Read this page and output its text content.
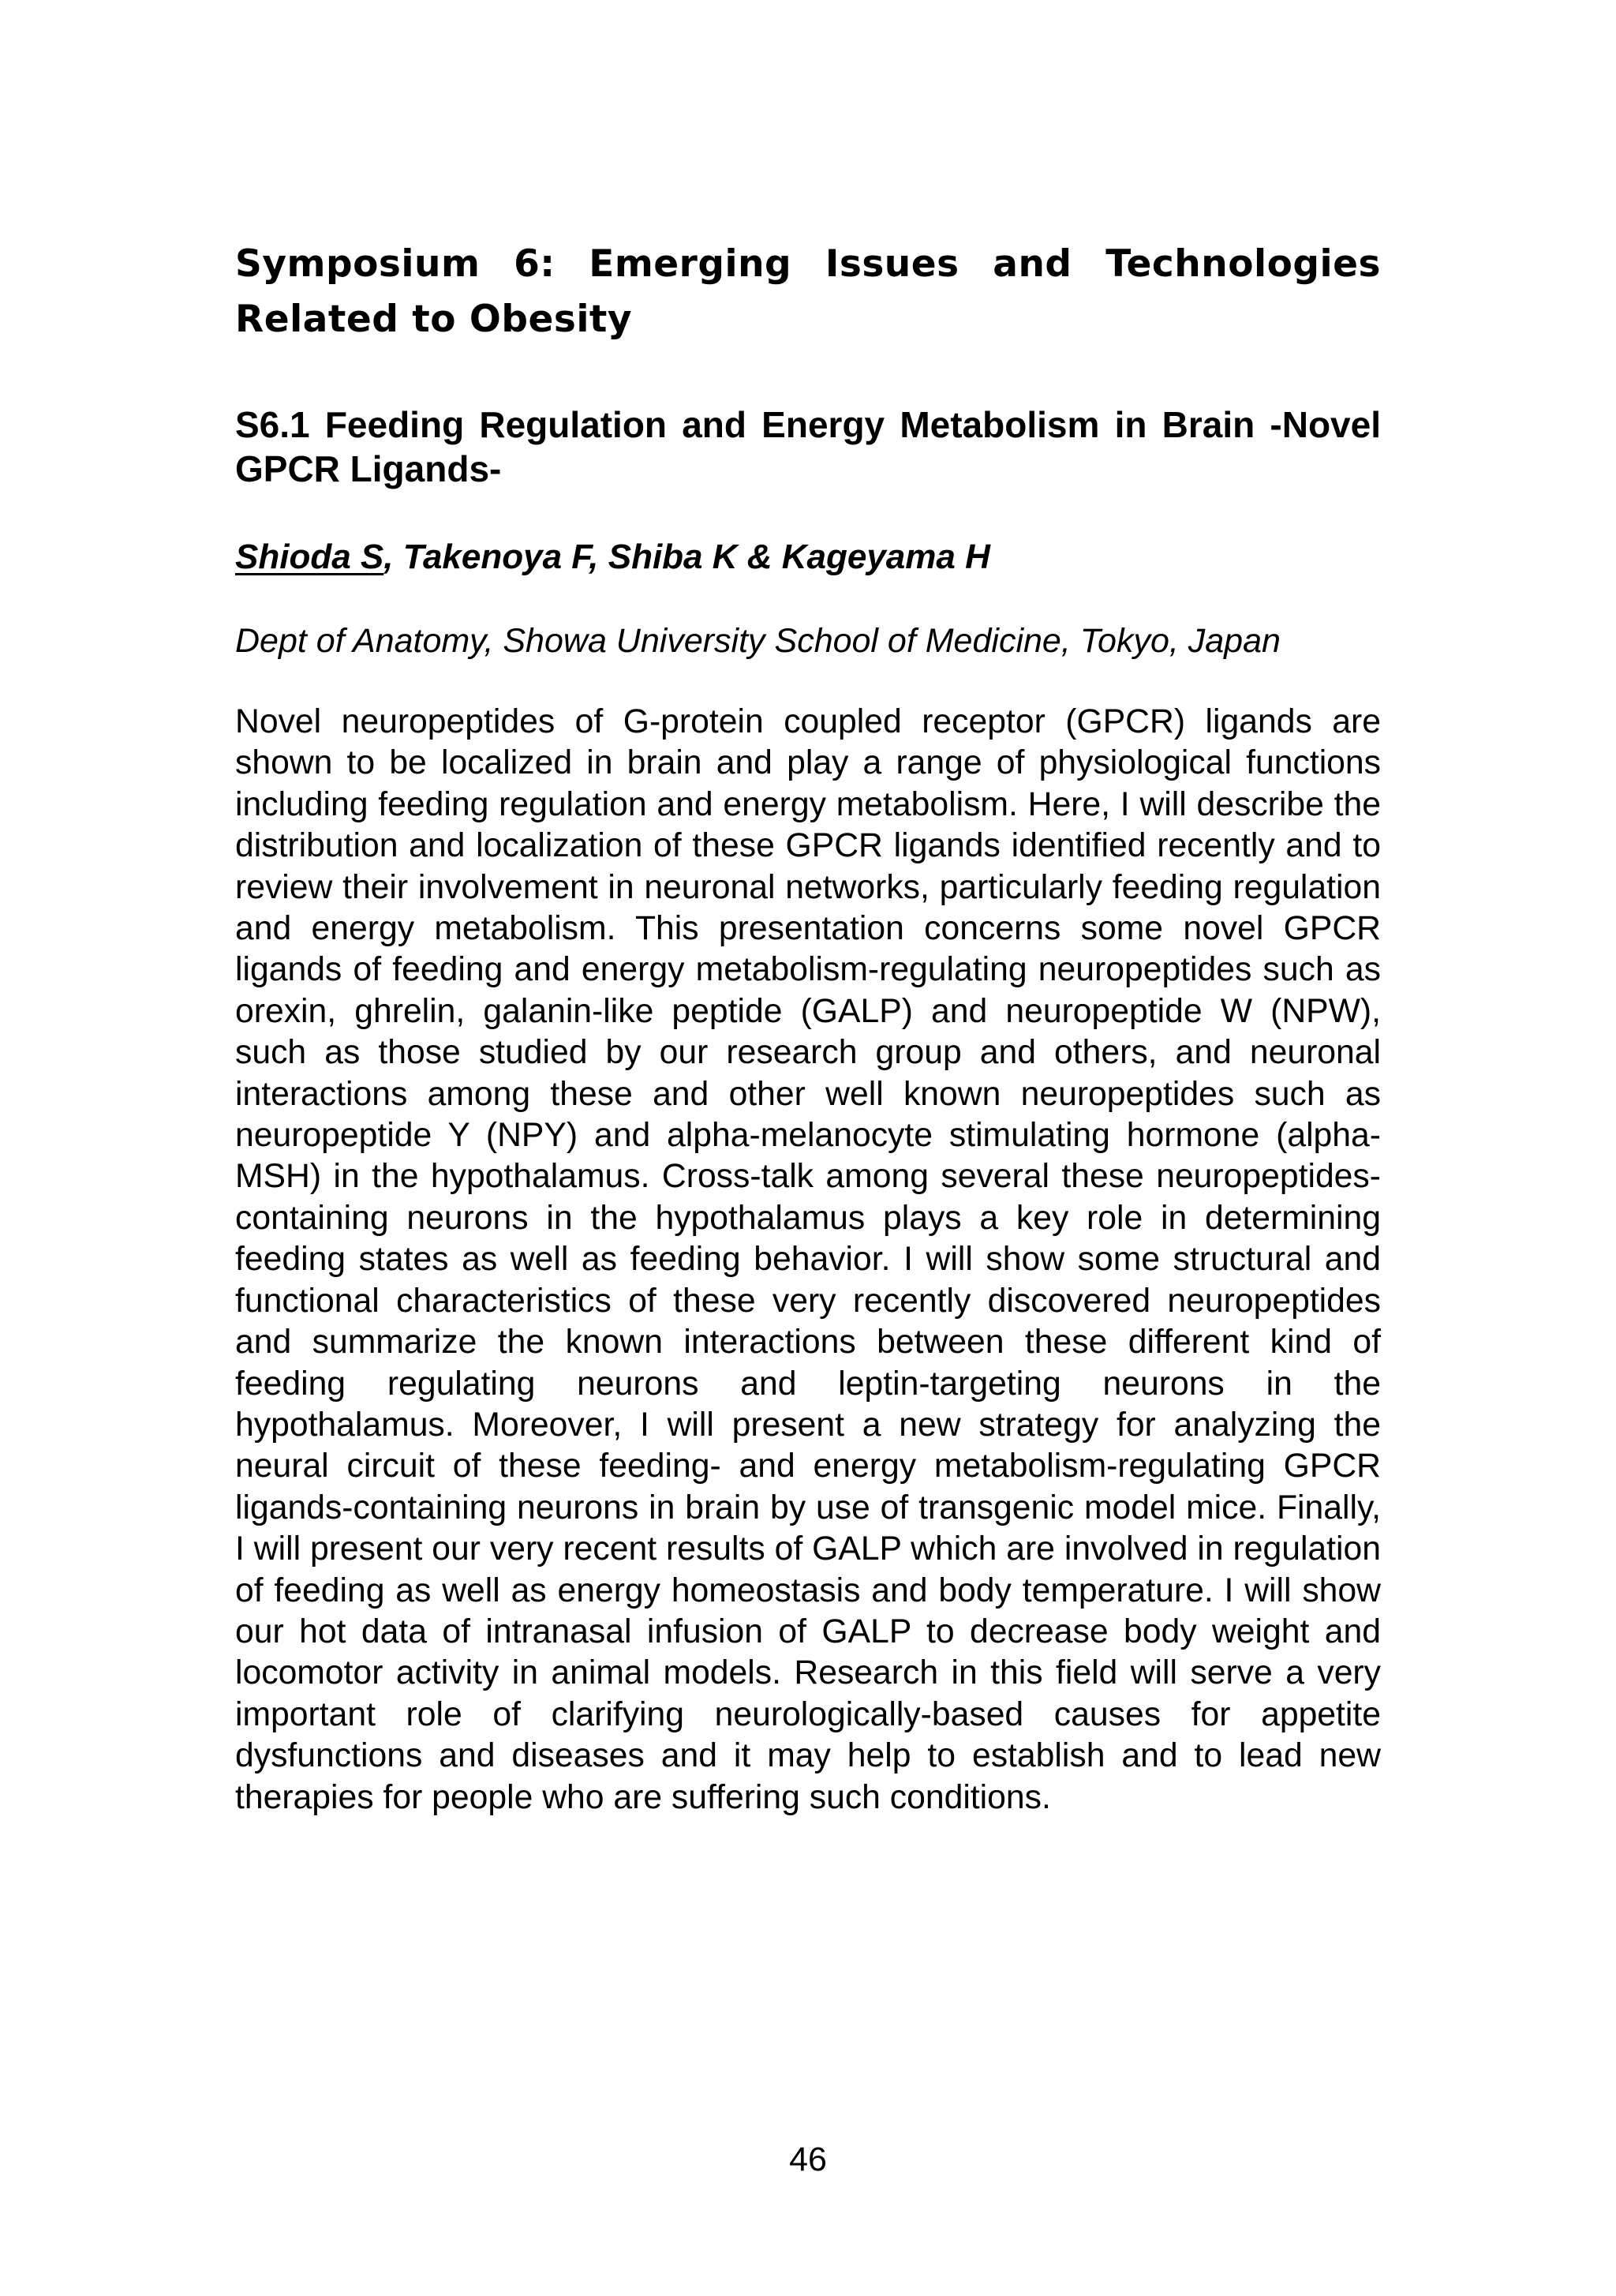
Symposium 6: Emerging Issues and Technologies Related to Obesity
S6.1 Feeding Regulation and Energy Metabolism in Brain -Novel GPCR Ligands-

Shioda S, Takenoya F, Shiba K & Kageyama H

Dept of Anatomy, Showa University School of Medicine, Tokyo, Japan

Novel neuropeptides of G-protein coupled receptor (GPCR) ligands are shown to be localized in brain and play a range of physiological functions including feeding regulation and energy metabolism. Here, I will describe the distribution and localization of these GPCR ligands identified recently and to review their involvement in neuronal networks, particularly feeding regulation and energy metabolism. This presentation concerns some novel GPCR ligands of feeding and energy metabolism-regulating neuropeptides such as orexin, ghrelin, galanin-like peptide (GALP) and neuropeptide W (NPW), such as those studied by our research group and others, and neuronal interactions among these and other well known neuropeptides such as neuropeptide Y (NPY) and alpha-melanocyte stimulating hormone (alpha-MSH) in the hypothalamus. Cross-talk among several these neuropeptides-containing neurons in the hypothalamus plays a key role in determining feeding states as well as feeding behavior. I will show some structural and functional characteristics of these very recently discovered neuropeptides and summarize the known interactions between these different kind of feeding regulating neurons and leptin-targeting neurons in the hypothalamus. Moreover, I will present a new strategy for analyzing the neural circuit of these feeding- and energy metabolism-regulating GPCR ligands-containing neurons in brain by use of transgenic model mice. Finally, I will present our very recent results of GALP which are involved in regulation of feeding as well as energy homeostasis and body temperature. I will show our hot data of intranasal infusion of GALP to decrease body weight and locomotor activity in animal models. Research in this field will serve a very important role of clarifying neurologically-based causes for appetite dysfunctions and diseases and it may help to establish and to lead new therapies for people who are suffering such conditions.

46
